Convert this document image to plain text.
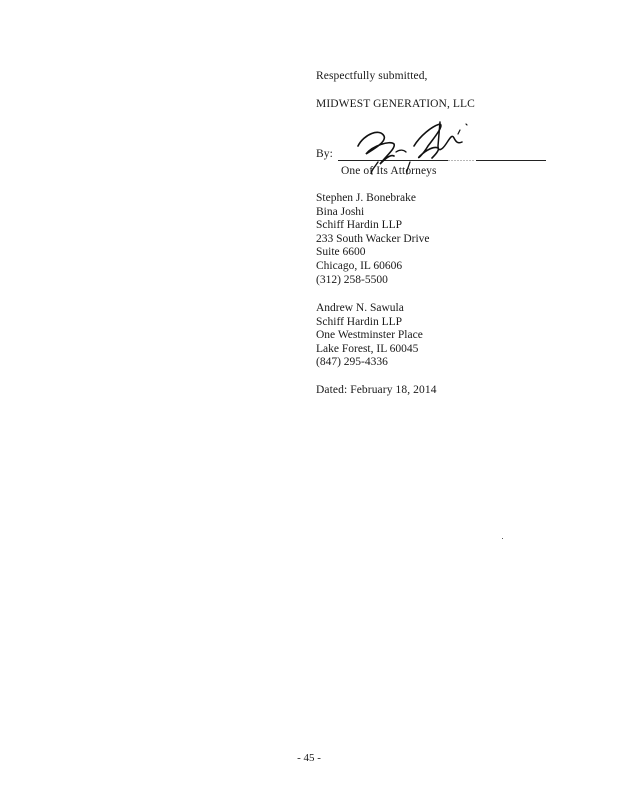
Respectfully submitted,
MIDWEST GENERATION, LLC
By:	.........
One of Its Attorneys
Stephen J. Bonebrake
Bina Joshi
Schiff Hardin LLP
233 South Wacker Drive
Suite 6600
Chicago, IL 60606
(312) 258-5500
Andrew N. Sawula
Schiff Hardin LLP
One Westminster Place
Lake Forest, IL 60045
(847) 295-4336
Dated: February 18, 2014
- 45 -
